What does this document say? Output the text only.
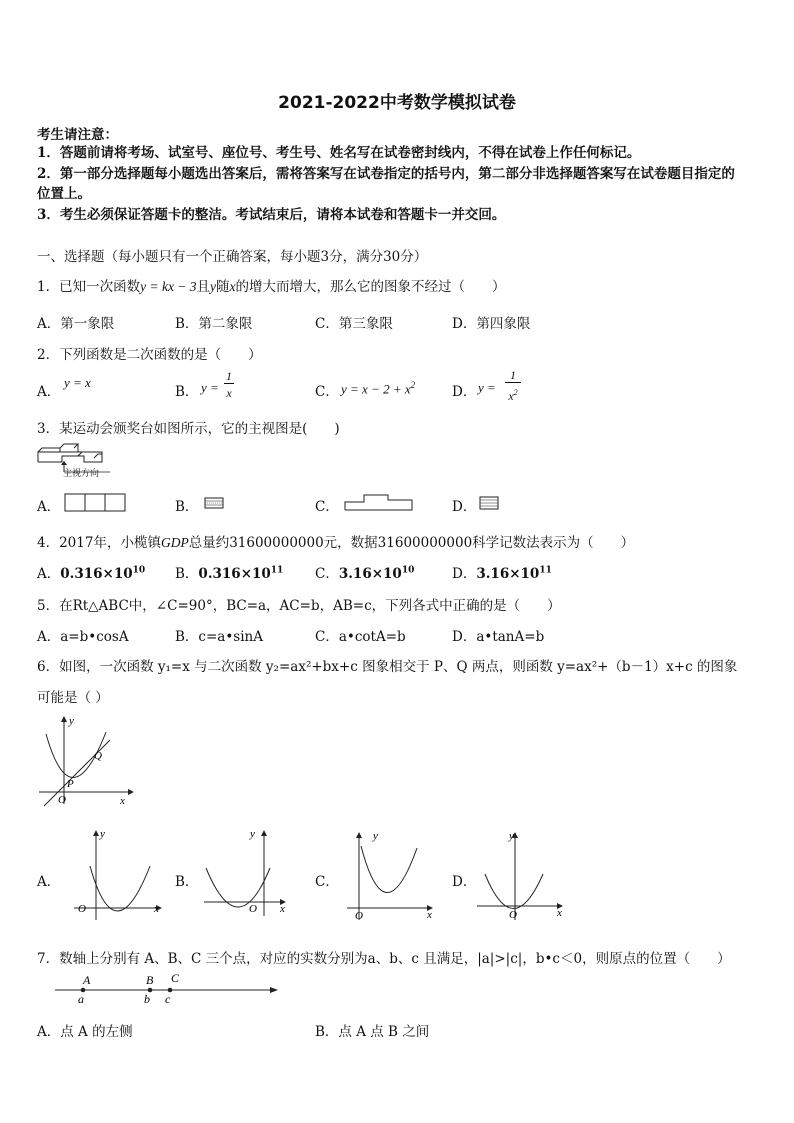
2021-2022中考数学模拟试卷
考生请注意：
1．答题前请将考场、试室号、座位号、考生号、姓名写在试卷密封线内，不得在试卷上作任何标记。
2．第一部分选择题每小题选出答案后，需将答案写在试卷指定的括号内，第二部分非选择题答案写在试卷题目指定的
位置上。
3．考生必须保证答题卡的整洁。考试结束后，请将本试卷和答题卡一并交回。
一、选择题（每小题只有一个正确答案，每小题3分，满分30分）
1．已知一次函数y = kx − 3且y随x的增大而增大，那么它的图象不经过（　　）
A．第一象限	B．第二象限	C．第三象限	D．第四象限
2．下列函数是二次函数的是（　　）
A．
y = x
B． y =
1
x	C． $y = x - 2 + x^2$	D． y =
1
$x^2$
3．某运动会颁奖台如图所示，它的主视图是(　　)
主视方向
A．	B．	C．	D．
4．2017年，小榄镇GDP总量约31600000000元，数据31600000000科学记数法表示为（　　）
A．$0.316\times 10^{10}$ B．$0.316\times 10^{11}$ C．$3.16\times 10^{10}$	D．$3.16\times 10^{11}$
5．在Rt△ABC中，∠C=90°，BC=a，AC=b，AB=c，下列各式中正确的是（　　）
A．a=b•cosA	B．c=a•sinA	C．a•cotA=b	D．a•tanA=b
6．如图，一次函数 y₁=x 与二次函数 y₂=ax²+bx+c 图象相交于 P、Q 两点，则函数 y=ax²+（b－1）x+c 的图象
可能是（ ）
y
x
O
P
Q
A．
y
x
O
B．
y
x
O
C．
y
x
O
D．
y
x
O
7．数轴上分别有 A、B、C 三个点，对应的实数分别为a、b、c 且满足，|a|>|c|，b•c＜0，则原点的位置（　　）
A	B C
a	b c
A．点 A 的左侧	B．点 A 点 B 之间
